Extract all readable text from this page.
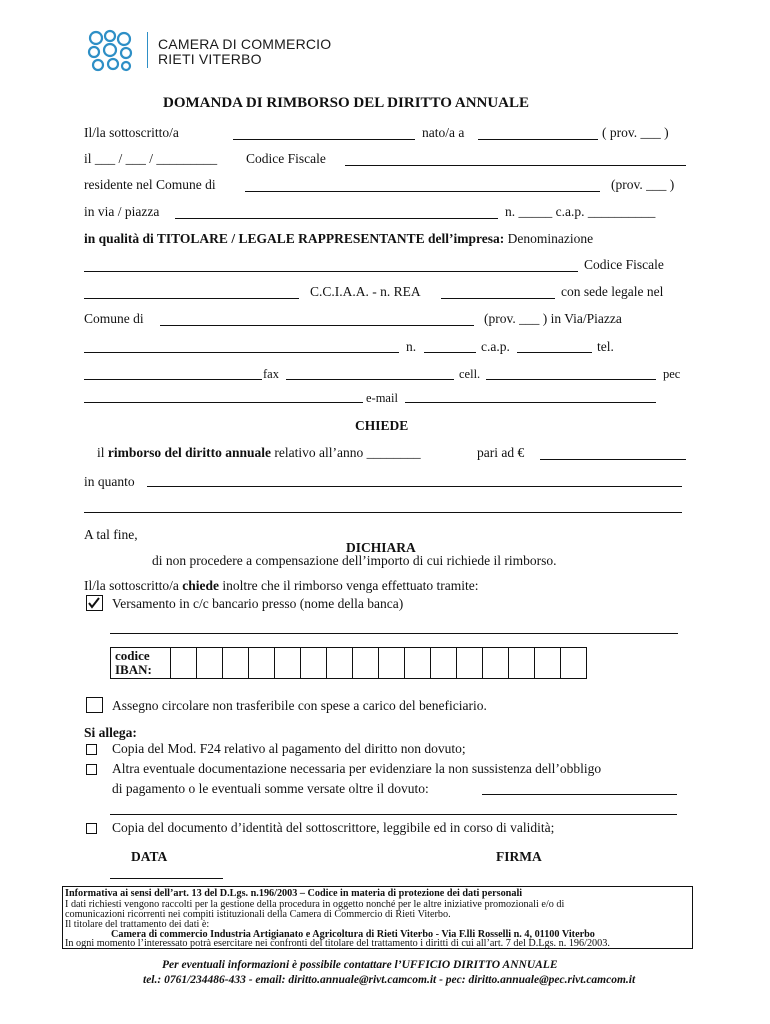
CAMERA DI COMMERCIO
RIETI VITERBO
DOMANDA DI RIMBORSO DEL DIRITTO ANNUALE
Il/la sottoscritto/a	nato/a a	( prov. ___ )
il ___ / ___ / _________ Codice Fiscale
residente nel Comune di	(prov. ___ )
in via / piazza	n. _____ c.a.p. __________
in qualità di TITOLARE / LEGALE RAPPRESENTANTE dell’impresa: Denominazione
Codice Fiscale
C.C.I.A.A. - n. REA	con sede legale nel
Comune di	(prov. ___ ) in Via/Piazza
n.	c.a.p.	tel.
fax	cell.	pec
e-mail
CHIEDE
il rimborso del diritto annuale relativo all’anno ________	pari ad €
in quanto
A tal fine,
DICHIARA
di non procedere a compensazione dell’importo di cui richiede il rimborso.
Il/la sottoscritto/a chiede inoltre che il rimborso venga effettuato tramite:
Versamento in c/c bancario presso (nome della banca)
codice
IBAN:

Assegno circolare non trasferibile con spese a carico del beneficiario.
Si allega:
Copia del Mod. F24 relativo al pagamento del diritto non dovuto;
Altra eventuale documentazione necessaria per evidenziare la non sussistenza dell’obbligo
di pagamento o le eventuali somme versate oltre il dovuto:
Copia del documento d’identità del sottoscrittore, leggibile ed in corso di validità;
DATA	FIRMA
Informativa ai sensi dell’art. 13 del D.Lgs. n.196/2003 – Codice in materia di protezione dei dati personali
I dati richiesti vengono raccolti per la gestione della procedura in oggetto nonché per le altre iniziative promozionali e/o di
comunicazioni ricorrenti nei compiti istituzionali della Camera di Commercio di Rieti Viterbo.
Il titolare del trattamento dei dati è:
Camera di commercio Industria Artigianato e Agricoltura di Rieti Viterbo - Via F.lli Rosselli n. 4, 01100 Viterbo
In ogni momento l’interessato potrà esercitare nei confronti del titolare del trattamento i diritti di cui all’art. 7 del D.Lgs. n. 196/2003.
Per eventuali informazioni è possibile contattare l’UFFICIO DIRITTO ANNUALE
tel.: 0761/234486-433 - email: diritto.annuale@rivt.camcom.it - pec: diritto.annuale@pec.rivt.camcom.it
